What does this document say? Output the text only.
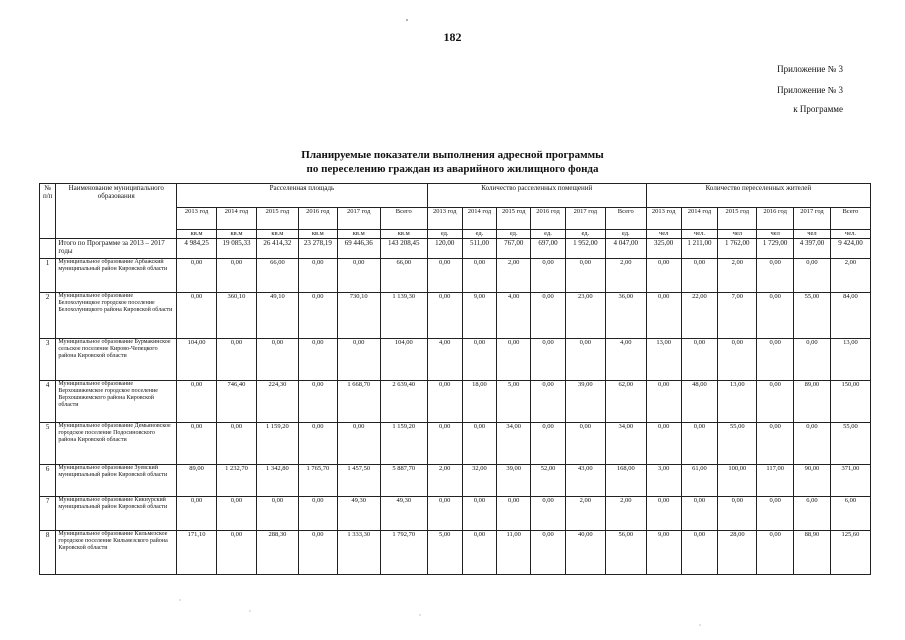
182
Приложение № 3
Приложение № 3
к Программе
Планируемые показатели выполнения адресной программы
по переселению граждан из аварийного жилищного фонда
№ п/п	Наименование муниципального образования	Расселенная площадь						Количество расселенных помещений						Количество переселенных жителей					
		2013 год	2014 год	2015 год	2016 год	2017 год	Всего	2013 год	2014 год	2015 год	2016 год	2017 год	Всего	2013 год	2014 год	2015 год	2016 год	2017 год	Всего
		кв.м	кв.м	кв.м	кв.м	кв.м	кв.м	ед.	ед.	ед.	ед.	ед.	ед.	чел	чел.	чел	чел	чел	чел.
	Итого по Программе за 2013 – 2017 годы	4 984,25	19 085,33	26 414,32	23 278,19	69 446,36	143 208,45	120,00	511,00	767,00	697,00	1 952,00	4 047,00	325,00	1 211,00	1 762,00	1 729,00	4 397,00	9 424,00
1	Муниципальное образование Арбажский муниципальный район Кировской области	0,00	0,00	66,00	0,00	0,00	66,00	0,00	0,00	2,00	0,00	0,00	2,00	0,00	0,00	2,00	0,00	0,00	2,00
2	Муниципальное образование Белохолуницкое городское поселение Белохолуницкого района Кировской области	0,00	360,10	49,10	0,00	730,10	1 139,30	0,00	9,00	4,00	0,00	23,00	36,00	0,00	22,00	7,00	0,00	55,00	84,00
3	Муниципальное образование Бурмакинское сельское поселение Кирово-Чепецкого района Кировской области	104,00	0,00	0,00	0,00	0,00	104,00	4,00	0,00	0,00	0,00	0,00	4,00	13,00	0,00	0,00	0,00	0,00	13,00
4	Муниципальное образование Верхошижемское городское поселение Верхошижемского района Кировской области	0,00	746,40	224,30	0,00	1 668,70	2 639,40	0,00	18,00	5,00	0,00	39,00	62,00	0,00	48,00	13,00	0,00	89,00	150,00
5	Муниципальное образование Демьяновское городское поселение Подосиновского района Кировской области	0,00	0,00	1 159,20	0,00	0,00	1 159,20	0,00	0,00	34,00	0,00	0,00	34,00	0,00	0,00	55,00	0,00	0,00	55,00
6	Муниципальное образование Зуевский муниципальный район Кировской области	89,00	1 232,70	1 342,80	1 765,70	1 457,50	5 887,70	2,00	32,00	39,00	52,00	43,00	168,00	3,00	61,00	100,00	117,00	90,00	371,00
7	Муниципальное образование Кикнурский муниципальный район Кировской области	0,00	0,00	0,00	0,00	49,30	49,30	0,00	0,00	0,00	0,00	2,00	2,00	0,00	0,00	0,00	0,00	6,00	6,00
8	Муниципальное образование Кильмезское городское поселение Кильмезского района Кировской области	171,10	0,00	288,30	0,00	1 333,30	1 792,70	5,00	0,00	11,00	0,00	40,00	56,00	9,00	0,00	28,00	0,00	88,90	125,60
